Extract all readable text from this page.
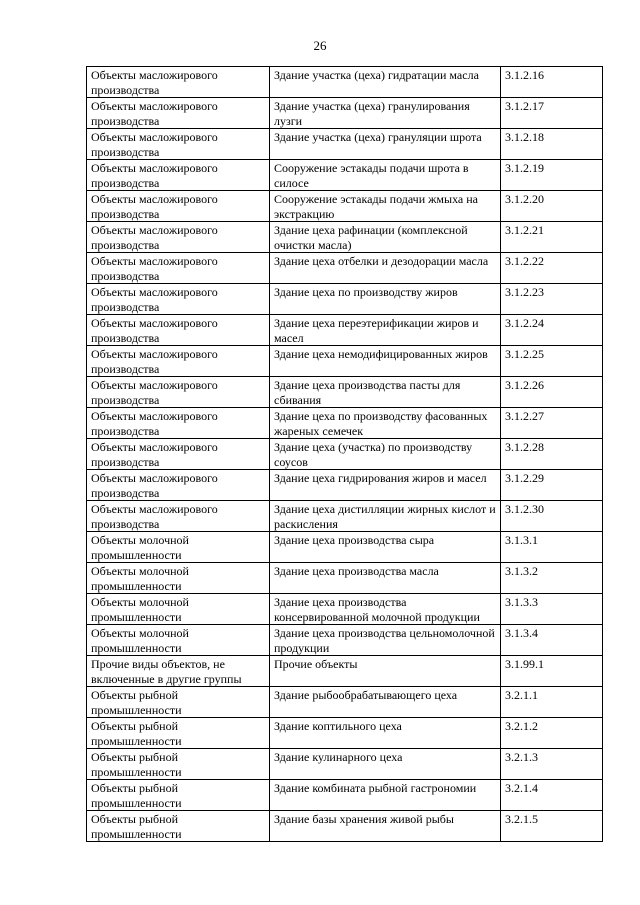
26
Объекты масложирового производства	Здание участка (цеха) гидратации масла	3.1.2.16
Объекты масложирового производства	Здание участка (цеха) гранулирования лузги	3.1.2.17
Объекты масложирового производства	Здание участка (цеха) грануляции шрота	3.1.2.18
Объекты масложирового производства	Сооружение эстакады подачи шрота в силосе	3.1.2.19
Объекты масложирового производства	Сооружение эстакады подачи жмыха на экстракцию	3.1.2.20
Объекты масложирового производства	Здание цеха рафинации (комплексной очистки масла)	3.1.2.21
Объекты масложирового производства	Здание цеха отбелки и дезодорации масла	3.1.2.22
Объекты масложирового производства	Здание цеха по производству жиров	3.1.2.23
Объекты масложирового производства	Здание цеха переэтерификации жиров и масел	3.1.2.24
Объекты масложирового производства	Здание цеха немодифицированных жиров	3.1.2.25
Объекты масложирового производства	Здание цеха производства пасты для сбивания	3.1.2.26
Объекты масложирового производства	Здание цеха по производству фасованных жареных семечек	3.1.2.27
Объекты масложирового производства	Здание цеха (участка) по производству соусов	3.1.2.28
Объекты масложирового производства	Здание цеха гидрирования жиров и масел	3.1.2.29
Объекты масложирового производства	Здание цеха дистилляции жирных кислот и раскисления	3.1.2.30
Объекты молочной промышленности	Здание цеха производства сыра	3.1.3.1
Объекты молочной промышленности	Здание цеха производства масла	3.1.3.2
Объекты молочной промышленности	Здание цеха производства консервированной молочной продукции	3.1.3.3
Объекты молочной промышленности	Здание цеха производства цельномолочной продукции	3.1.3.4
Прочие виды объектов, не включенные в другие группы	Прочие объекты	3.1.99.1
Объекты рыбной промышленности	Здание рыбообрабатывающего цеха	3.2.1.1
Объекты рыбной промышленности	Здание коптильного цеха	3.2.1.2
Объекты рыбной промышленности	Здание кулинарного цеха	3.2.1.3
Объекты рыбной промышленности	Здание комбината рыбной гастрономии	3.2.1.4
Объекты рыбной промышленности	Здание базы хранения живой рыбы	3.2.1.5
